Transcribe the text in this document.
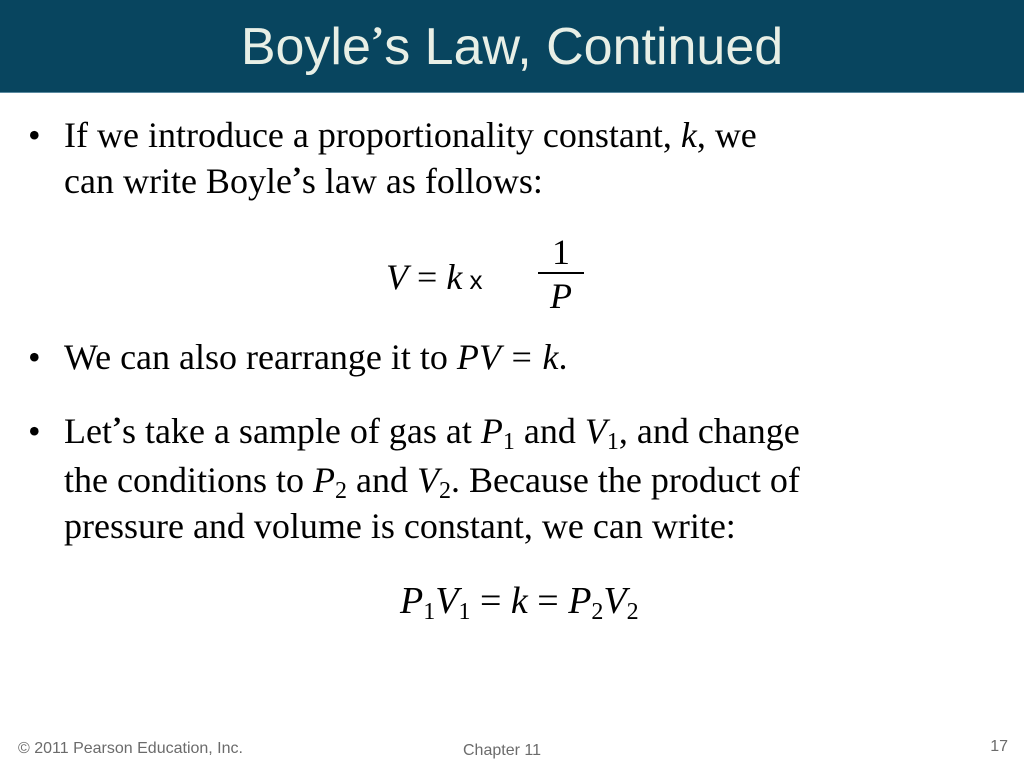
Boyle’s Law, Continued
• If we introduce a proportionality constant, k, we
can write Boyle’s law as follows:
V = k x
1
P
• We can also rearrange it to PV = k.
• Let’s take a sample of gas at $P_1$ and $V_1$, and change
the conditions to $P_2$ and $V_2$. Because the product of
pressure and volume is constant, we can write:
$P_1V_1 = k = P_2V_2$
© 2011 Pearson Education, Inc.	Chapter 11	17
